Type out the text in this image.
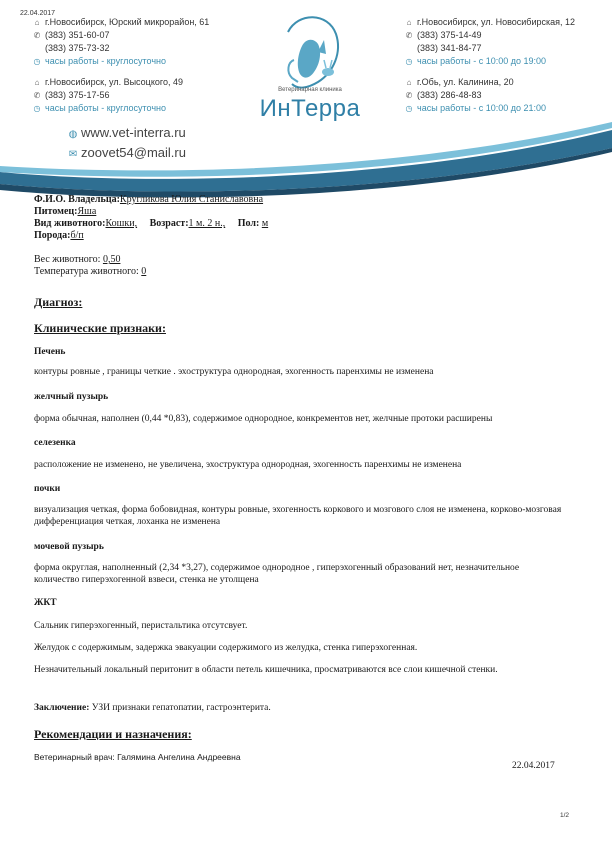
22.04.2017
⌂ г.Новосибирск, Юрский микрорайон, 61
✆ (383) 351-60-07
(383) 375-73-32
◷ часы работы - круглосуточно
⌂ г.Новосибирск, ул. Высоцкого, 49
✆ (383) 375-17-56
◷ часы работы - круглосуточно
Ветеринарная клиника
ИнТерра
⌂ г.Новосибирск, ул. Новосибирская, 12
✆ (383) 375-14-49
(383) 341-84-77
◷ часы работы - с 10:00 до 19:00
⌂ г.Обь, ул. Калинина, 20
✆ (383) 286-48-83
◷ часы работы - с 10:00 до 21:00
◍ www.vet-interra.ru
✉ zoovet54@mail.ru

Ф.И.О. Владельца:Кругликова Юлия Станиславовна

Питомец:Яша

Вид животного:Кошки, Возраст:1 м. 2 н., Пол: м

Порода:б/п

Вес животного: 0,50

Температура животного: 0

Диагноз:
Клинические признаки:
Печень
контуры ровные , границы четкие . эхоструктура однородная, эхогенность паренхимы не изменена
желчный пузырь
форма обычная, наполнен (0,44 *0,83), содержимое однородное, конкрементов нет, желчные протоки расширены
селезенка
расположение не изменено, не увеличена, эхоструктура однородная, эхогенность паренхимы не изменена
почки
визуализация четкая, форма бобовидная, контуры ровные, эхогенность коркового и мозгового слоя не изменена, корково-мозговая дифференциация четкая, лоханка не изменена
мочевой пузырь
форма округлая, наполненный (2,34 *3,27), содержимое однородное , гиперэхогенный образований нет, незначительное количество гиперэхогенной взвеси, стенка не утолщена
ЖКТ
Сальник гиперэхогенный, перистальтика отсутсвует.
Желудок с содержимым, задержка эвакуации содержимого из желудка, стенка гиперэхогенная.
Незначительный локальный перитонит в области петель кишечника, просматриваются все слои кишечной стенки.
Заключение: УЗИ признаки гепатопатии, гастроэнтерита.
Рекомендации и назначения:
Ветеринарный врач: Галямина Ангелина Андреевна
22.04.2017
1/2
